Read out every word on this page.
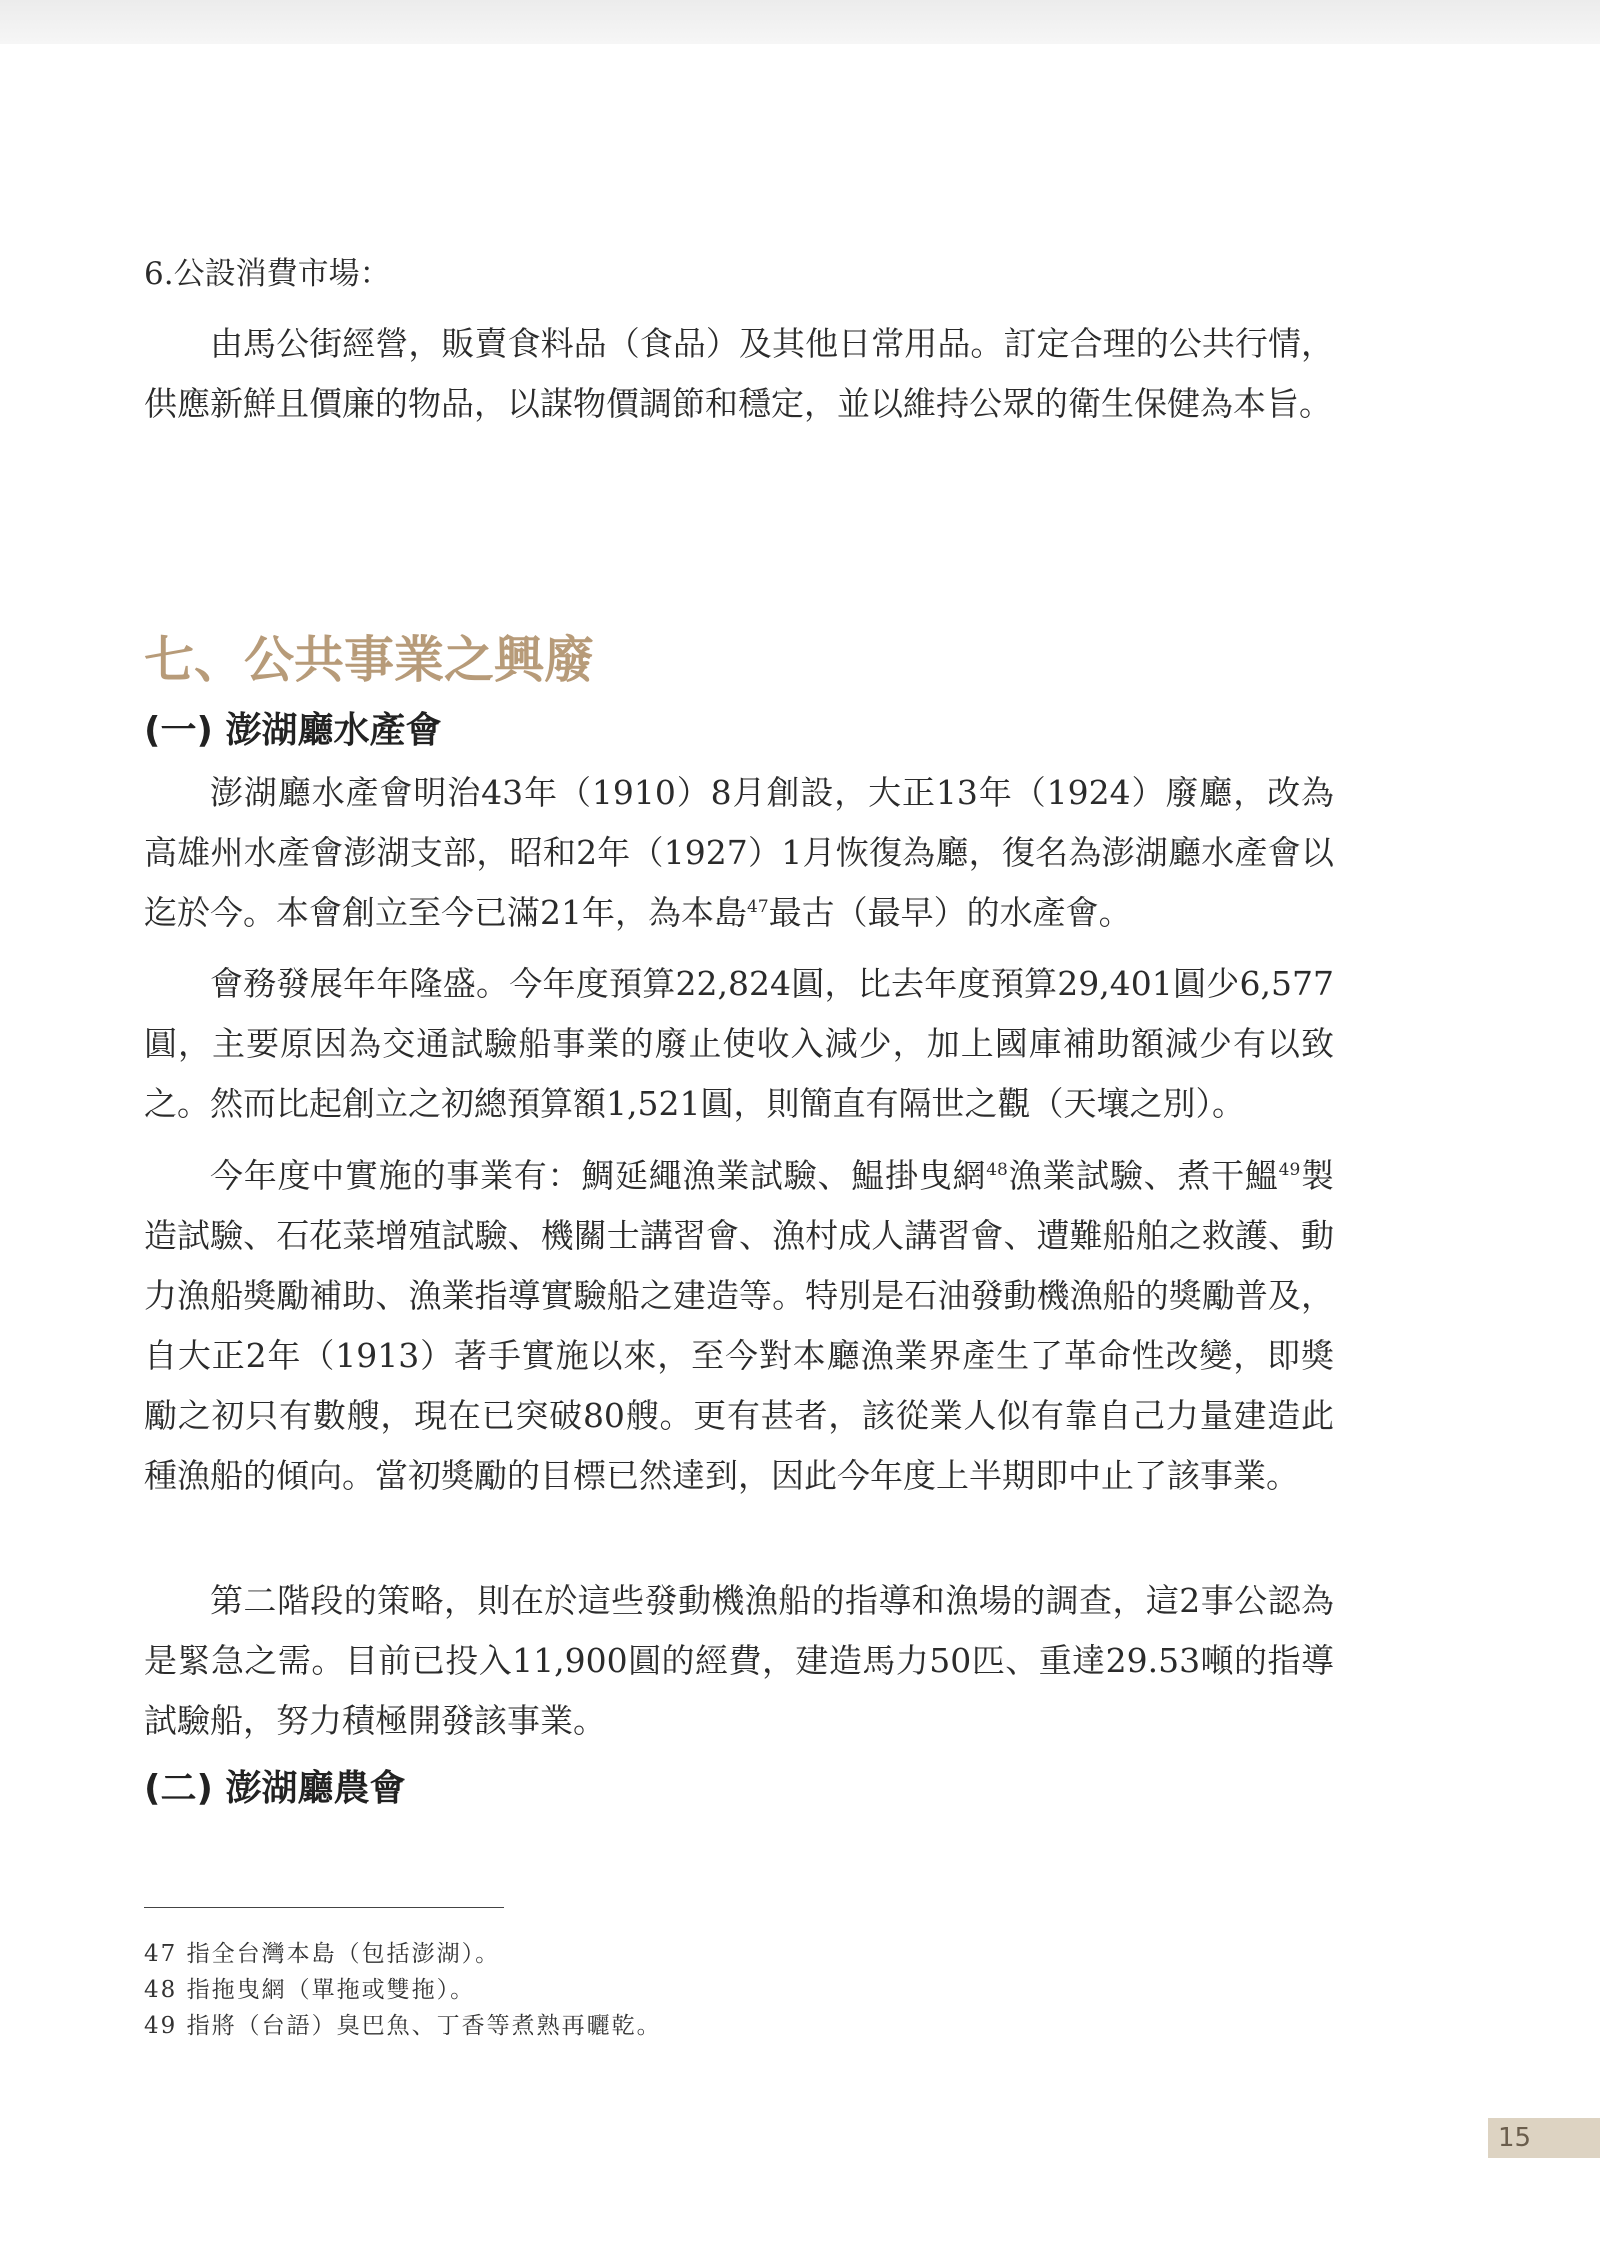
6.公設消費市場：

由馬公街經營，販賣食料品（食品）及其他日常用品。訂定合理的公共行情，供應新鮮且價廉的物品，以謀物價調節和穩定，並以維持公眾的衛生保健為本旨。

七、公共事業之興廢
(一) 澎湖廳水產會

澎湖廳水產會明治43年（1910）8月創設，大正13年（1924）廢廳，改為高雄州水產會澎湖支部，昭和2年（1927）1月恢復為廳，復名為澎湖廳水產會以迄於今。本會創立至今已滿21年，為本島$^{47}$最古（最早）的水產會。

會務發展年年隆盛。今年度預算22,824圓，比去年度預算29,401圓少6,577圓，主要原因為交通試驗船事業的廢止使收入減少，加上國庫補助額減少有以致之。然而比起創立之初總預算額1,521圓，則簡直有隔世之觀（天壤之別）。

今年度中實施的事業有：鯛延繩漁業試驗、鰛掛曳網$^{48}$漁業試驗、煮干鰮$^{49}$製造試驗、石花菜增殖試驗、機關士講習會、漁村成人講習會、遭難船舶之救護、動力漁船獎勵補助、漁業指導實驗船之建造等。特別是石油發動機漁船的獎勵普及，自大正2年（1913）著手實施以來，至今對本廳漁業界產生了革命性改變，即獎勵之初只有數艘，現在已突破80艘。更有甚者，該從業人似有靠自己力量建造此種漁船的傾向。當初獎勵的目標已然達到，因此今年度上半期即中止了該事業。

第二階段的策略，則在於這些發動機漁船的指導和漁場的調查，這2事公認為是緊急之需。目前已投入11,900圓的經費，建造馬力50匹、重達29.53噸的指導試驗船，努力積極開發該事業。

(二) 澎湖廳農會
47 指全台灣本島（包括澎湖）。
48 指拖曳網（單拖或雙拖）。
49 指將（台語）臭巴魚、丁香等煮熟再曬乾。
15
